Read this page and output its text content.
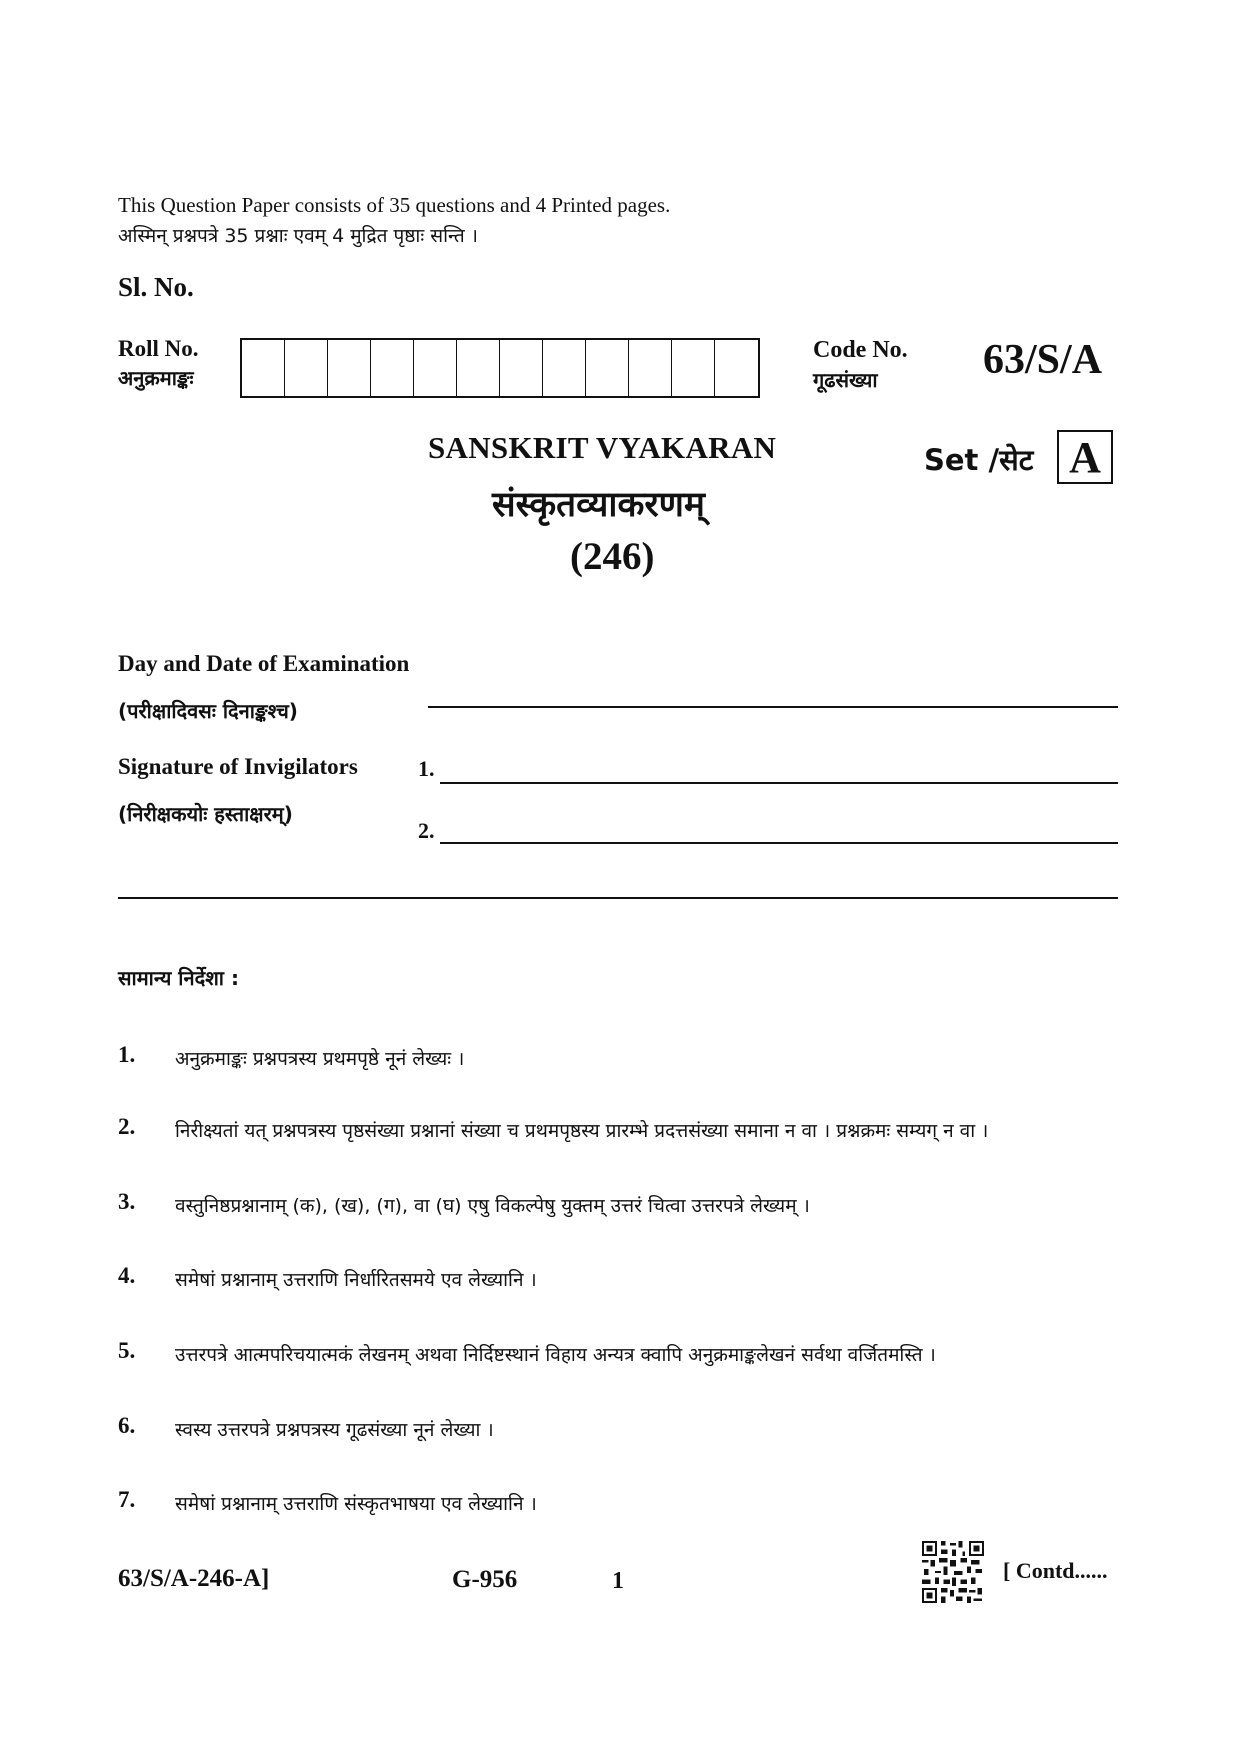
This Question Paper consists of 35 questions and 4 Printed pages.
अस्मिन् प्रश्नपत्रे 35 प्रश्नाः एवम् 4 मुद्रित पृष्ठाः सन्ति ।
Sl. No.
Roll No.
अनुक्रमाङ्कः
Code No.
गूढसंख्या	63/S/A
SANSKRIT VYAKARAN
संस्कृतव्याकरणम्
(246)
Set /सेट A
Day and Date of Examination
(परीक्षादिवसः दिनाङ्कश्च)
Signature of Invigilators
(निरीक्षकयोः हस्ताक्षरम्)
1.
2.
सामान्य निर्देशा :
1. अनुक्रमाङ्कः प्रश्नपत्रस्य प्रथमपृष्ठे नूनं लेख्यः ।
2. निरीक्ष्यतां यत् प्रश्नपत्रस्य पृष्ठसंख्या प्रश्नानां संख्या च प्रथमपृष्ठस्य प्रारम्भे प्रदत्तसंख्या समाना न वा । प्रश्नक्रमः सम्यग् न वा ।
3. वस्तुनिष्ठप्रश्नानाम् (क), (ख), (ग), वा (घ) एषु विकल्पेषु युक्तम् उत्तरं चित्वा उत्तरपत्रे लेख्यम् ।
4. समेषां प्रश्नानाम् उत्तराणि निर्धारितसमये एव लेख्यानि ।
5. उत्तरपत्रे आत्मपरिचयात्मकं लेखनम् अथवा निर्दिष्टस्थानं विहाय अन्यत्र क्वापि अनुक्रमाङ्कलेखनं सर्वथा वर्जितमस्ति ।
6. स्वस्य उत्तरपत्रे प्रश्नपत्रस्य गूढसंख्या नूनं लेख्या ।
7. समेषां प्रश्नानाम् उत्तराणि संस्कृतभाषया एव लेख्यानि ।
63/S/A-246-A]	G-956	1	[ Contd......
